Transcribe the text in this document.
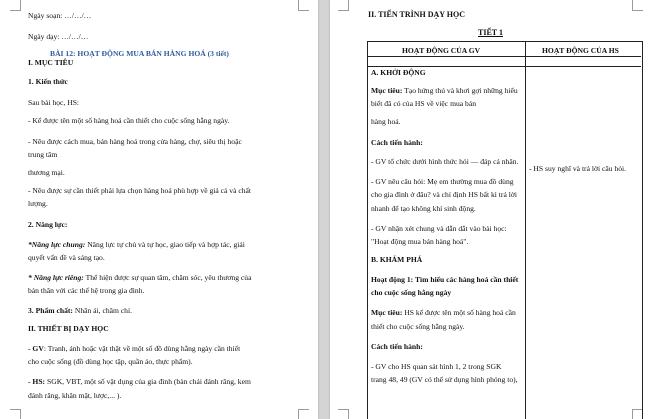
Ngày soạn: …/…/…
Ngày dạy: …/…/…
BÀI 12: HOẠT ĐỘNG MUA BÁN HÀNG HOÁ (3 tiết)
I. MỤC TIÊU
1. Kiến thức
Sau bài học, HS:
- Kể được tên một số hàng hoá cần thiết cho cuộc sống hằng ngày.
- Nêu được cách mua, bán hàng hoá trong cửa hàng, chợ, siêu thị hoặc
trung tâm
thương mại.
- Nêu được sự cần thiết phải lựa chọn hàng hoá phù hợp về giá cả và chất
lượng.
2. Năng lực:
*Năng lực chung: Năng lực tự chủ và tự học, giao tiếp và hợp tác, giải
quyết vấn đề và sáng tạo.
* Năng lực riêng: Thể hiện được sự quan tâm, chăm sóc, yêu thương của
bản thân với các thế hệ trong gia đình.
3. Phẩm chất: Nhân ái, chăm chỉ.
II. THIẾT BỊ DẠY HỌC
- GV: Tranh, ảnh hoặc vật thật về một số đồ dùng hằng ngày cần thiết
cho cuộc sống (đồ dùng học tập, quần áo, thực phẩm).
- HS: SGK, VBT, một số vật dụng của gia đình (bàn chải đánh răng, kem
đánh răng, khăn mặt, lược,... ).
II. TIẾN TRÌNH DẠY HỌC
TIẾT 1
HOẠT ĐỘNG CỦA GV	HOẠT ĐỘNG CỦA HS
A. KHỞI ĐỘNG
Mục tiêu: Tạo hứng thú và khơi gợi những hiểu
biết đã có của HS về việc mua bán
hàng hoá.
Cách tiến hành:
- GV tổ chức dưới hình thức hỏi — đáp cá nhân.
- GV nêu câu hỏi: Mẹ em thường mua đồ dùng
cho gia đình ở đâu? và chỉ định HS bất kì trả lời
nhanh để tạo không khí sinh động.
- GV nhận xét chung và dẫn dắt vào bài học:
"Hoạt động mua bán hàng hoá".
B. KHÁM PHÁ
Hoạt động 1: Tìm hiểu các hàng hoá cần thiết
cho cuộc sống hằng ngày
Mục tiêu: HS kể được tên một số hàng hoá cần
thiết cho cuộc sống hằng ngày.
Cách tiến hành:
- GV cho HS quan sát hình 1, 2 trong SGK
trang 48, 49 (GV có thể sử dụng hình phóng to),
- HS suy nghĩ và trả lời câu hỏi.
